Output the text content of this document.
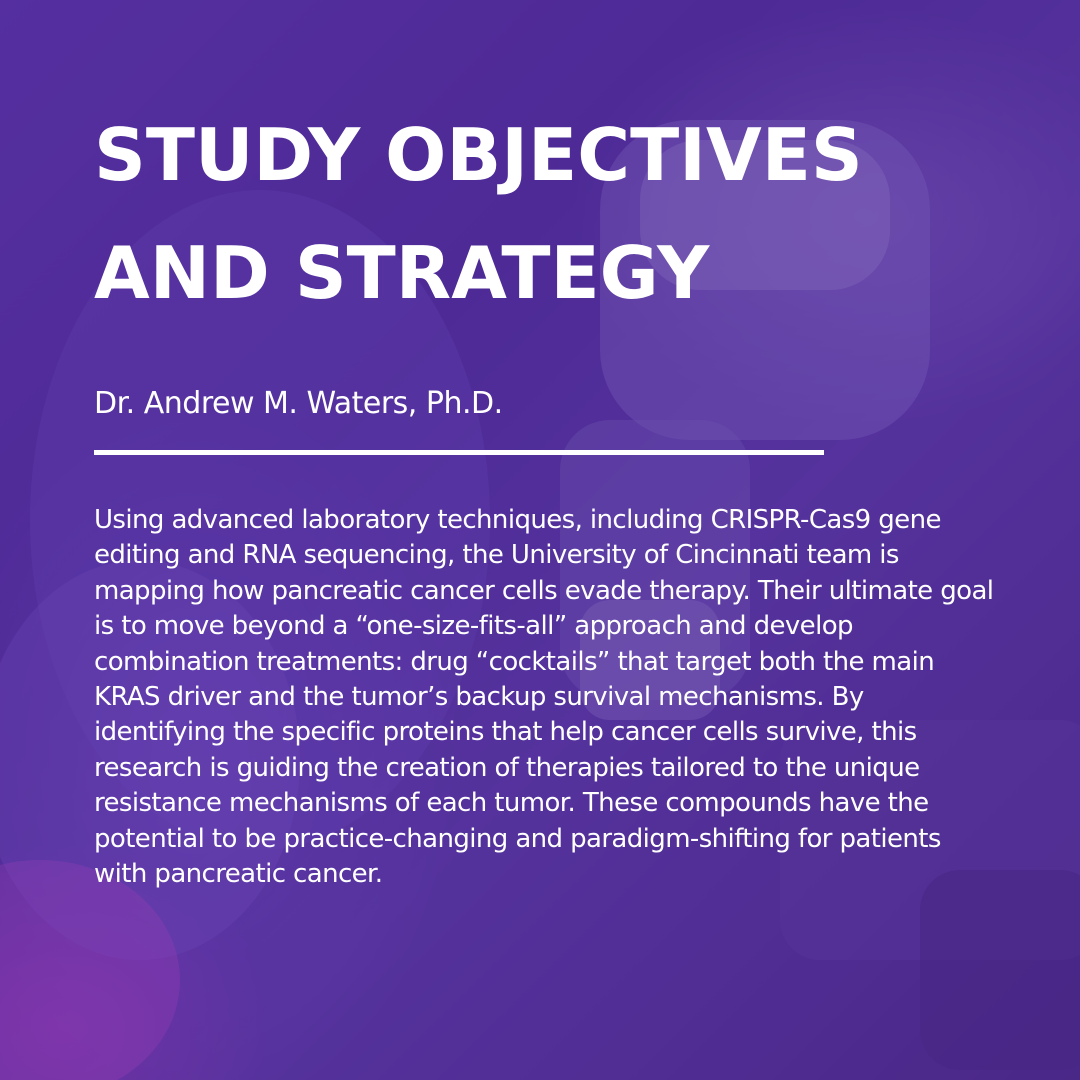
STUDY OBJECTIVES
AND STRATEGY

Dr. Andrew M. Waters, Ph.D.

Using advanced laboratory techniques, including CRISPR-Cas9 gene editing and RNA sequencing, the University of Cincinnati team is mapping how pancreatic cancer cells evade therapy. Their ultimate goal is to move beyond a “one-size-fits-all” approach and develop combination treatments: drug “cocktails” that target both the main KRAS driver and the tumor’s backup survival mechanisms. By identifying the specific proteins that help cancer cells survive, this research is guiding the creation of therapies tailored to the unique resistance mechanisms of each tumor. These compounds have the potential to be practice-changing and paradigm-shifting for patients with pancreatic cancer.
